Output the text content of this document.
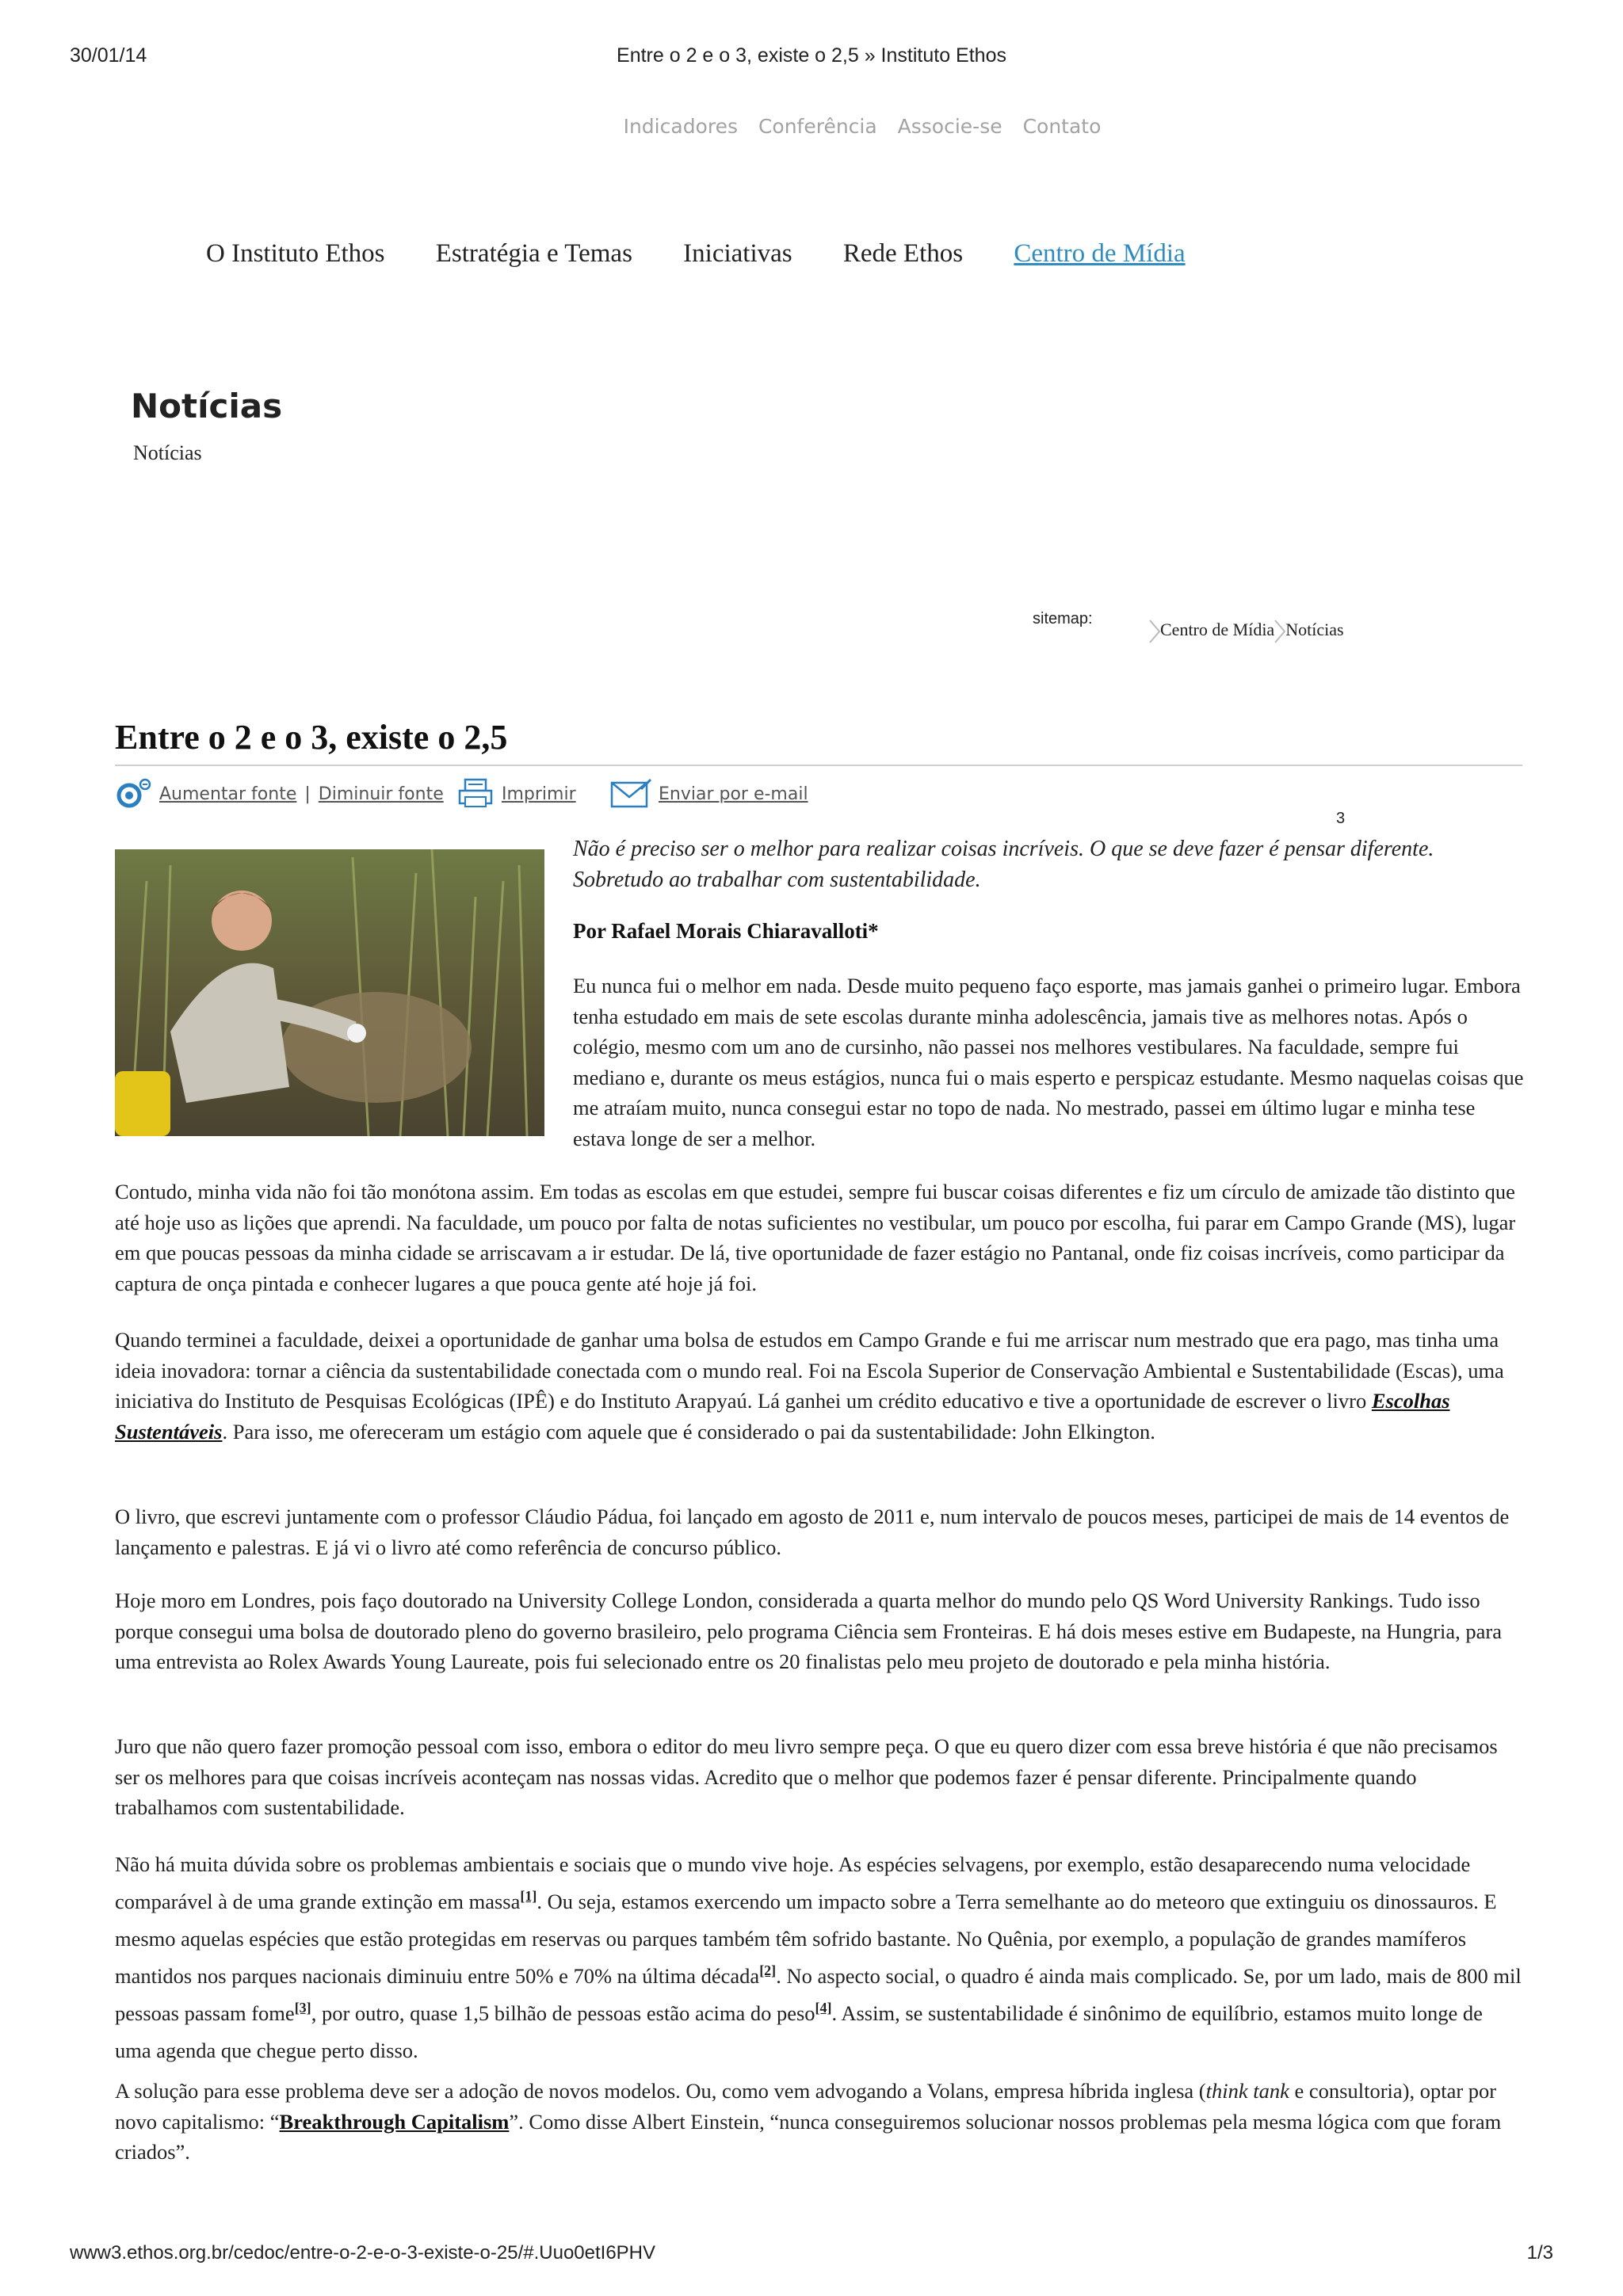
30/01/14	Entre o 2 e o 3, existe o 2,5 » Instituto Ethos
Indicadores Conferência Associe-se Contato
O Instituto Ethos Estratégia e Temas Iniciativas Rede Ethos Centro de Mídia
Notícias
Notícias
sitemap:
Centro de Mídia Notícias
Entre o 2 e o 3, existe o 2,5
Aumentar fonte | Diminuir fonte	Imprimir	Enviar por e-mail
3
Não é preciso ser o melhor para realizar coisas incríveis. O que se deve fazer é pensar diferente. Sobretudo ao trabalhar com sustentabilidade.
Por Rafael Morais Chiaravalloti*
Eu nunca fui o melhor em nada. Desde muito pequeno faço esporte, mas jamais ganhei o primeiro lugar. Embora tenha estudado em mais de sete escolas durante minha adolescência, jamais tive as melhores notas. Após o colégio, mesmo com um ano de cursinho, não passei nos melhores vestibulares. Na faculdade, sempre fui mediano e, durante os meus estágios, nunca fui o mais esperto e perspicaz estudante. Mesmo naquelas coisas que me atraíam muito, nunca consegui estar no topo de nada. No mestrado, passei em último lugar e minha tese estava longe de ser a melhor.

Contudo, minha vida não foi tão monótona assim. Em todas as escolas em que estudei, sempre fui buscar coisas diferentes e fiz um círculo de amizade tão distinto que até hoje uso as lições que aprendi. Na faculdade, um pouco por falta de notas suficientes no vestibular, um pouco por escolha, fui parar em Campo Grande (MS), lugar em que poucas pessoas da minha cidade se arriscavam a ir estudar. De lá, tive oportunidade de fazer estágio no Pantanal, onde fiz coisas incríveis, como participar da captura de onça pintada e conhecer lugares a que pouca gente até hoje já foi.

Quando terminei a faculdade, deixei a oportunidade de ganhar uma bolsa de estudos em Campo Grande e fui me arriscar num mestrado que era pago, mas tinha uma ideia inovadora: tornar a ciência da sustentabilidade conectada com o mundo real. Foi na Escola Superior de Conservação Ambiental e Sustentabilidade (Escas), uma iniciativa do Instituto de Pesquisas Ecológicas (IPÊ) e do Instituto Arapyaú. Lá ganhei um crédito educativo e tive a oportunidade de escrever o livro Escolhas Sustentáveis. Para isso, me ofereceram um estágio com aquele que é considerado o pai da sustentabilidade: John Elkington.

O livro, que escrevi juntamente com o professor Cláudio Pádua, foi lançado em agosto de 2011 e, num intervalo de poucos meses, participei de mais de 14 eventos de lançamento e palestras. E já vi o livro até como referência de concurso público.

Hoje moro em Londres, pois faço doutorado na University College London, considerada a quarta melhor do mundo pelo QS Word University Rankings. Tudo isso porque consegui uma bolsa de doutorado pleno do governo brasileiro, pelo programa Ciência sem Fronteiras. E há dois meses estive em Budapeste, na Hungria, para uma entrevista ao Rolex Awards Young Laureate, pois fui selecionado entre os 20 finalistas pelo meu projeto de doutorado e pela minha história.

Juro que não quero fazer promoção pessoal com isso, embora o editor do meu livro sempre peça. O que eu quero dizer com essa breve história é que não precisamos ser os melhores para que coisas incríveis aconteçam nas nossas vidas. Acredito que o melhor que podemos fazer é pensar diferente. Principalmente quando trabalhamos com sustentabilidade.

Não há muita dúvida sobre os problemas ambientais e sociais que o mundo vive hoje. As espécies selvagens, por exemplo, estão desaparecendo numa velocidade comparável à de uma grande extinção em massa[1]. Ou seja, estamos exercendo um impacto sobre a Terra semelhante ao do meteoro que extinguiu os dinossauros. E mesmo aquelas espécies que estão protegidas em reservas ou parques também têm sofrido bastante. No Quênia, por exemplo, a população de grandes mamíferos mantidos nos parques nacionais diminuiu entre 50% e 70% na última década[2]. No aspecto social, o quadro é ainda mais complicado. Se, por um lado, mais de 800 mil pessoas passam fome[3], por outro, quase 1,5 bilhão de pessoas estão acima do peso[4]. Assim, se sustentabilidade é sinônimo de equilíbrio, estamos muito longe de uma agenda que chegue perto disso.

A solução para esse problema deve ser a adoção de novos modelos. Ou, como vem advogando a Volans, empresa híbrida inglesa (think tank e consultoria), optar por novo capitalismo: “Breakthrough Capitalism”. Como disse Albert Einstein, “nunca conseguiremos solucionar nossos problemas pela mesma lógica com que foram criados”.

www3.ethos.org.br/cedoc/entre-o-2-e-o-3-existe-o-25/#.Uuo0etI6PHV	1/3
